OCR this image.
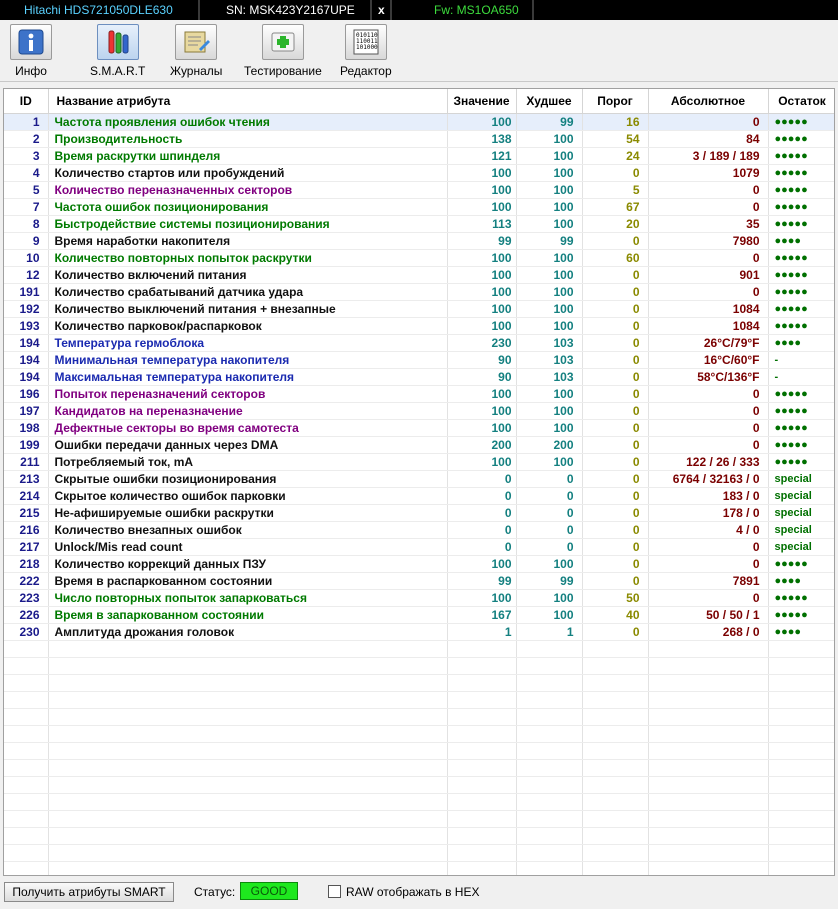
Hitachi HDS721050DLE630	SN: MSK423Y2167UPE	x	Fw: MS1OA650
Инфо	S.M.A.R.T Журналы Тестирование
010110
110011
101000
Редактор
ID	Название атрибута	Значение	Худшее	Порог	Абсолютное	Остаток
1	Частота проявления ошибок чтения	100	99	16	0	●●●●●
2	Производительность	138	100	54	84	●●●●●
3	Время раскрутки шпинделя	121	100	24	3 / 189 / 189	●●●●●
4	Количество стартов или пробуждений	100	100	0	1079	●●●●●
5	Количество переназначенных секторов	100	100	5	0	●●●●●
7	Частота ошибок позиционирования	100	100	67	0	●●●●●
8	Быстродействие системы позиционирования	113	100	20	35	●●●●●
9	Время наработки накопителя	99	99	0	7980	●●●●
10	Количество повторных попыток раскрутки	100	100	60	0	●●●●●
12	Количество включений питания	100	100	0	901	●●●●●
191	Количество срабатываний датчика удара	100	100	0	0	●●●●●
192	Количество выключений питания + внезапные	100	100	0	1084	●●●●●
193	Количество парковок/распарковок	100	100	0	1084	●●●●●
194	Температура гермоблока	230	103	0	26°C/79°F	●●●●
194	Минимальная температура накопителя	90	103	0	16°C/60°F	-
194	Максимальная температура накопителя	90	103	0	58°C/136°F	-
196	Попыток переназначений секторов	100	100	0	0	●●●●●
197	Кандидатов на переназначение	100	100	0	0	●●●●●
198	Дефектные секторы во время самотеста	100	100	0	0	●●●●●
199	Ошибки передачи данных через DMA	200	200	0	0	●●●●●
211	Потребляемый ток, mA	100	100	0	122 / 26 / 333	●●●●●
213	Скрытые ошибки позиционирования	0	0	0	6764 / 32163 / 0	special
214	Скрытое количество ошибок парковки	0	0	0	183 / 0	special
215	Не-афишируемые ошибки раскрутки	0	0	0	178 / 0	special
216	Количество внезапных ошибок	0	0	0	4 / 0	special
217	Unlock/Mis read count	0	0	0	0	special
218	Количество коррекций данных ПЗУ	100	100	0	0	●●●●●
222	Время в распаркованном состоянии	99	99	0	7891	●●●●
223	Число повторных попыток запарковаться	100	100	50	0	●●●●●
226	Время в запаркованном состоянии	167	100	40	50 / 50 / 1	●●●●●
230	Амплитуда дрожания головок	1	1	0	268 / 0	●●●●

Получить атрибуты SMART	Статус:	GOOD	RAW отображать в HEX
